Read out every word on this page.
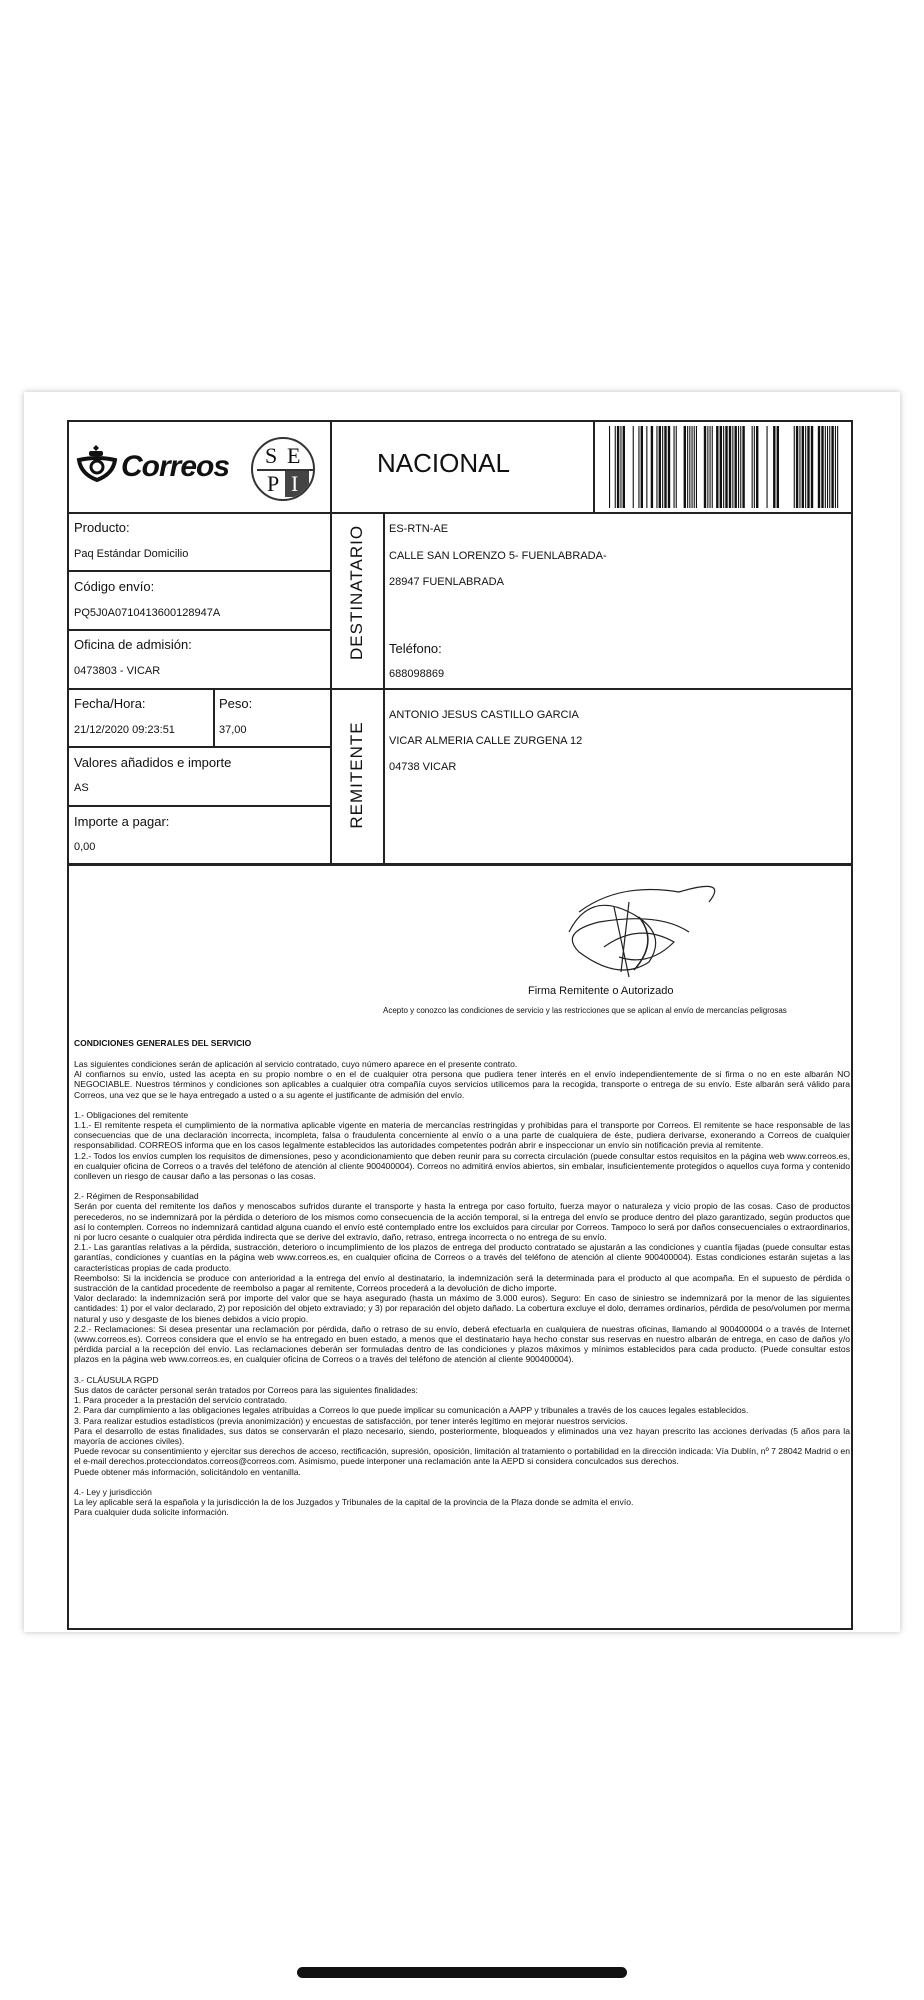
Correos S E
P I
NACIONAL
Producto:
Paq Estándar Domicilio
Código envío:
PQ5J0A0710413600128947A
Oficina de admisión:
0473803 - VICAR
Fecha/Hora:
21/12/2020 09:23:51
Peso:
37,00
Valores añadidos e importe
AS
Importe a pagar:
0,00
DESTINATARIO
REMITENTE
ES-RTN-AE
CALLE SAN LORENZO 5- FUENLABRADA-
28947 FUENLABRADA
Teléfono:
688098869
ANTONIO JESUS CASTILLO GARCIA
VICAR ALMERIA CALLE ZURGENA 12
04738 VICAR
Firma Remitente o Autorizado
Acepto y conozco las condiciones de servicio y las restricciones que se aplican al envío de mercancías peligrosas
CONDICIONES GENERALES DEL SERVICIO

Las siguientes condiciones serán de aplicación al servicio contratado, cuyo número aparece en el presente contrato.

Al confiarnos su envío, usted las acepta en su propio nombre o en el de cualquier otra persona que pudiera tener interés en el envío independientemente de si firma o no en este albarán NO NEGOCIABLE. Nuestros términos y condiciones son aplicables a cualquier otra compañía cuyos servicios utilicemos para la recogida, transporte o entrega de su envío. Este albarán será válido para Correos, una vez que se le haya entregado a usted o a su agente el justificante de admisión del envío.

1.- Obligaciones del remitente

1.1.- El remitente respeta el cumplimiento de la normativa aplicable vigente en materia de mercancías restringidas y prohibidas para el transporte por Correos. El remitente se hace responsable de las consecuencias que de una declaración incorrecta, incompleta, falsa o fraudulenta concerniente al envío o a una parte de cualquiera de éste, pudiera derivarse, exonerando a Correos de cualquier responsabilidad. CORREOS informa que en los casos legalmente establecidos las autoridades competentes podrán abrir e inspeccionar un envío sin notificación previa al remitente.

1.2.- Todos los envíos cumplen los requisitos de dimensiones, peso y acondicionamiento que deben reunir para su correcta circulación (puede consultar estos requisitos en la página web www.correos.es, en cualquier oficina de Correos o a través del teléfono de atención al cliente 900400004). Correos no admitirá envíos abiertos, sin embalar, insuficientemente protegidos o aquellos cuya forma y contenido conlleven un riesgo de causar daño a las personas o las cosas.

2.- Régimen de Responsabilidad

Serán por cuenta del remitente los daños y menoscabos sufridos durante el transporte y hasta la entrega por caso fortuito, fuerza mayor o naturaleza y vicio propio de las cosas. Caso de productos perecederos, no se indemnizará por la pérdida o deterioro de los mismos como consecuencia de la acción temporal, si la entrega del envío se produce dentro del plazo garantizado, según productos que así lo contemplen. Correos no indemnizará cantidad alguna cuando el envío esté contemplado entre los excluidos para circular por Correos. Tampoco lo será por daños consecuenciales o extraordinarios, ni por lucro cesante o cualquier otra pérdida indirecta que se derive del extravío, daño, retraso, entrega incorrecta o no entrega de su envío.

2.1.- Las garantías relativas a la pérdida, sustracción, deterioro o incumplimiento de los plazos de entrega del producto contratado se ajustarán a las condiciones y cuantía fijadas (puede consultar estas garantías, condiciones y cuantías en la página web www.correos.es, en cualquier oficina de Correos o a través del teléfono de atención al cliente 900400004). Estas condiciones estarán sujetas a las características propias de cada producto.

Reembolso: Si la incidencia se produce con anterioridad a la entrega del envío al destinatario, la indemnización será la determinada para el producto al que acompaña. En el supuesto de pérdida o sustracción de la cantidad procedente de reembolso a pagar al remitente, Correos procederá a la devolución de dicho importe.

Valor declarado: la indemnización será por importe del valor que se haya asegurado (hasta un máximo de 3.000 euros). Seguro: En caso de siniestro se indemnizará por la menor de las siguientes cantidades: 1) por el valor declarado, 2) por reposición del objeto extraviado; y 3) por reparación del objeto dañado. La cobertura excluye el dolo, derrames ordinarios, pérdida de peso/volumen por merma natural y uso y desgaste de los bienes debidos a vicio propio.

2.2.- Reclamaciones: Si desea presentar una reclamación por pérdida, daño o retraso de su envío, deberá efectuarla en cualquiera de nuestras oficinas, llamando al 900400004 o a través de Internet (www.correos.es). Correos considera que el envío se ha entregado en buen estado, a menos que el destinatario haya hecho constar sus reservas en nuestro albarán de entrega, en caso de daños y/o pérdida parcial a la recepción del envío. Las reclamaciones deberán ser formuladas dentro de las condiciones y plazos máximos y mínimos establecidos para cada producto. (Puede consultar estos plazos en la página web www.correos.es, en cualquier oficina de Correos o a través del teléfono de atención al cliente 900400004).

3.- CLÁUSULA RGPD

Sus datos de carácter personal serán tratados por Correos para las siguientes finalidades:

1. Para proceder a la prestación del servicio contratado.

2. Para dar cumplimiento a las obligaciones legales atribuidas a Correos lo que puede implicar su comunicación a AAPP y tribunales a través de los cauces legales establecidos.

3. Para realizar estudios estadísticos (previa anonimización) y encuestas de satisfacción, por tener interés legítimo en mejorar nuestros servicios.

Para el desarrollo de estas finalidades, sus datos se conservarán el plazo necesario, siendo, posteriormente, bloqueados y eliminados una vez hayan prescrito las acciones derivadas (5 años para la mayoría de acciones civiles).

Puede revocar su consentimiento y ejercitar sus derechos de acceso, rectificación, supresión, oposición, limitación al tratamiento o portabilidad en la dirección indicada: Vía Dublín, nº 7 28042 Madrid o en el e-mail derechos.protecciondatos.correos@correos.com. Asimismo, puede interponer una reclamación ante la AEPD si considera conculcados sus derechos.

Puede obtener más información, solicitándolo en ventanilla.

4.- Ley y jurisdicción

La ley aplicable será la española y la jurisdicción la de los Juzgados y Tribunales de la capital de la provincia de la Plaza donde se admita el envío.

Para cualquier duda solicite información.
